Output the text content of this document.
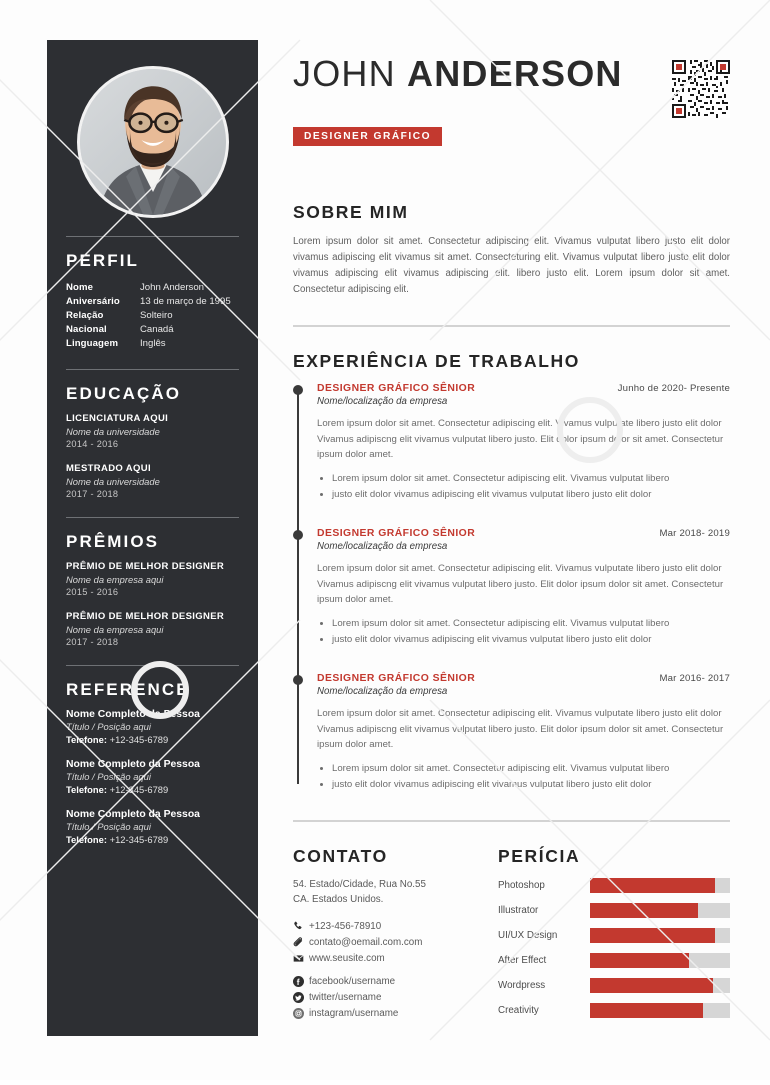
PERFIL
Nome	John Anderson
Aniversário	13 de março de 1995
Relação	Solteiro
Nacional	Canadá
Linguagem	Inglês
EDUCAÇÃO
LICENCIATURA AQUI
Nome da universidade
2014 - 2016
MESTRADO AQUI
Nome da universidade
2017 - 2018
PRÊMIOS
PRÊMIO DE MELHOR DESIGNER
Nome da empresa aqui
2015 - 2016
PRÊMIO DE MELHOR DESIGNER
Nome da empresa aqui
2017 - 2018
REFERENCE
Nome Completo da Pessoa
Título / Posição aqui
Telefone: +12-345-6789
Nome Completo da Pessoa
Título / Posição aqui
Telefone: +12-345-6789
Nome Completo da Pessoa
Título / Posição aqui
Telefone: +12-345-6789
JOHN ANDERSON
DESIGNER GRÁFICO
SOBRE MIM

Lorem ipsum dolor sit amet. Consectetur adipiscing elit. Vivamus vulputat libero justo elit dolor vivamus adipiscing elit vivamus sit amet. Consecteturing elit. Vivamus vulputat libero justo elit dolor vivamus adipiscing elit vivamus adipiscing elit. libero justo elit. Lorem ipsum dolor sit amet. Consectetur adipiscing elit.

EXPERIÊNCIA DE TRABALHO
DESIGNER GRÁFICO SÊNIOR	Junho de 2020- Presente
Nome/localização da empresa

Lorem ipsum dolor sit amet. Consectetur adipiscing elit. Vivamus vulputate libero justo elit dolor Vivamus adipiscng elit vivamus vulputat libero justo. Elit dolor ipsum dolor sit amet. Consectetur ipsum dolor amet.

• Lorem ipsum dolor sit amet. Consectetur adipiscing elit. Vivamus vulputat libero
• justo elit dolor vivamus adipiscing elit vivamus vulputat libero justo elit dolor
DESIGNER GRÁFICO SÊNIOR	Mar 2018- 2019
Nome/localização da empresa

Lorem ipsum dolor sit amet. Consectetur adipiscing elit. Vivamus vulputate libero justo elit dolor Vivamus adipiscng elit vivamus vulputat libero justo. Elit dolor ipsum dolor sit amet. Consectetur ipsum dolor amet.

• Lorem ipsum dolor sit amet. Consectetur adipiscing elit. Vivamus vulputat libero
• justo elit dolor vivamus adipiscing elit vivamus vulputat libero justo elit dolor
DESIGNER GRÁFICO SÊNIOR	Mar 2016- 2017
Nome/localização da empresa

Lorem ipsum dolor sit amet. Consectetur adipiscing elit. Vivamus vulputate libero justo elit dolor Vivamus adipiscng elit vivamus vulputat libero justo. Elit dolor ipsum dolor sit amet. Consectetur ipsum dolor amet.

• Lorem ipsum dolor sit amet. Consectetur adipiscing elit. Vivamus vulputat libero
• justo elit dolor vivamus adipiscing elit vivamus vulputat libero justo elit dolor
CONTATO

54. Estado/Cidade, Rua No.55
CA. Estados Unidos.

+123-456-78910
contato@oemail.com.com
www.seusite.com
facebook/username
twitter/username
instagram/username
PERÍCIA
Photoshop
Illustrator
UI/UX Design
After Effect
Wordpress
Creativity
